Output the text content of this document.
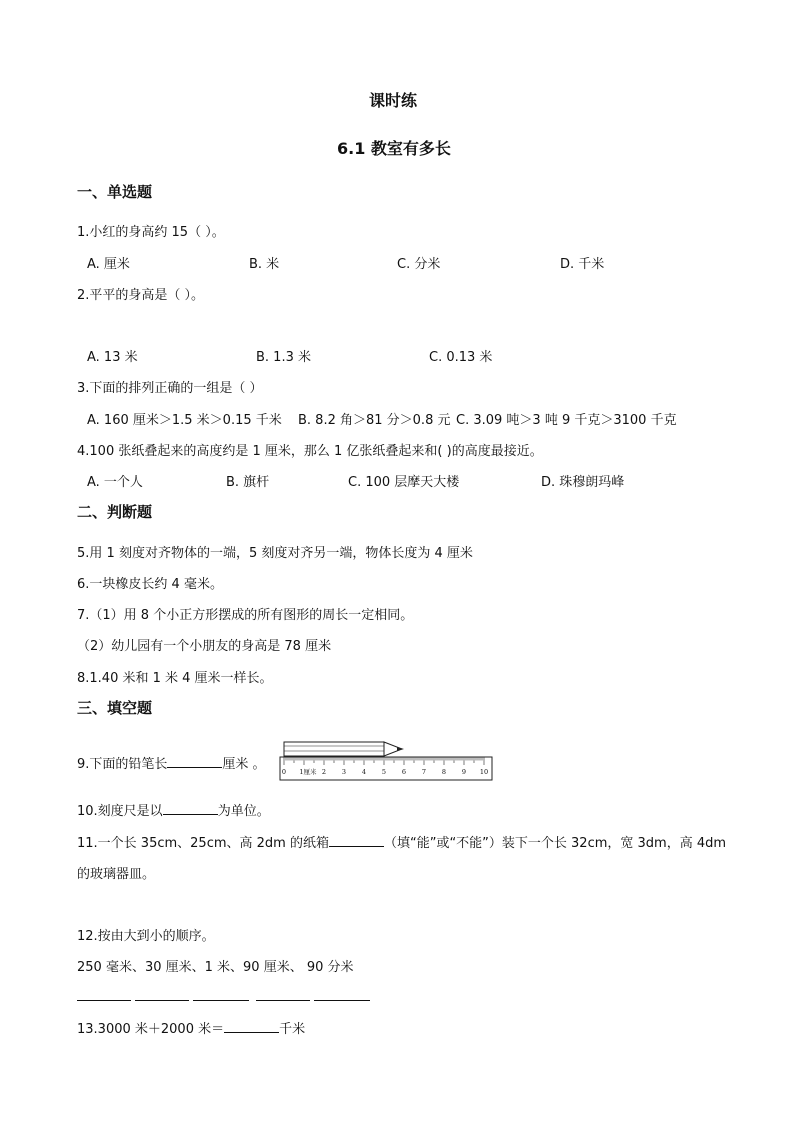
课时练
6.1 教室有多长
一、单选题
1.小红的身高约 15（ ）。
A. 厘米	B. 米	C. 分米	D. 千米
2.平平的身高是（ ）。
A. 13 米	B. 1.3 米	C. 0.13 米
3.下面的排列正确的一组是（ ）
A. 160 厘米＞1.5 米＞0.15 千米 B. 8.2 角＞81 分＞0.8 元 C. 3.09 吨＞3 吨 9 千克＞3100 千克
4.100 张纸叠起来的高度约是 1 厘米，那么 1 亿张纸叠起来和( )的高度最接近。
A. 一个人	B. 旗杆	C. 100 层摩天大楼	D. 珠穆朗玛峰
二、判断题
5.用 1 刻度对齐物体的一端，5 刻度对齐另一端，物体长度为 4 厘米
6.一块橡皮长约 4 毫米。
7.（1）用 8 个小正方形摆成的所有图形的周长一定相同。
（2）幼儿园有一个小朋友的身高是 78 厘米
8.1.40 米和 1 米 4 厘米一样长。
三、填空题
9.下面的铅笔长	厘米 。	0 1厘米 2 3 4 5 6 7 8 9 10
10.刻度尺是以	为单位。
11.一个长 35cm、25cm、高 2dm 的纸箱	（填“能”或“不能”）装下一个长 32cm，宽 3dm，高 4dm
的玻璃器皿。
12.按由大到小的顺序。
250 毫米、30 厘米、1 米、90 厘米、 90 分米
13.3000 米＋2000 米＝	千米
